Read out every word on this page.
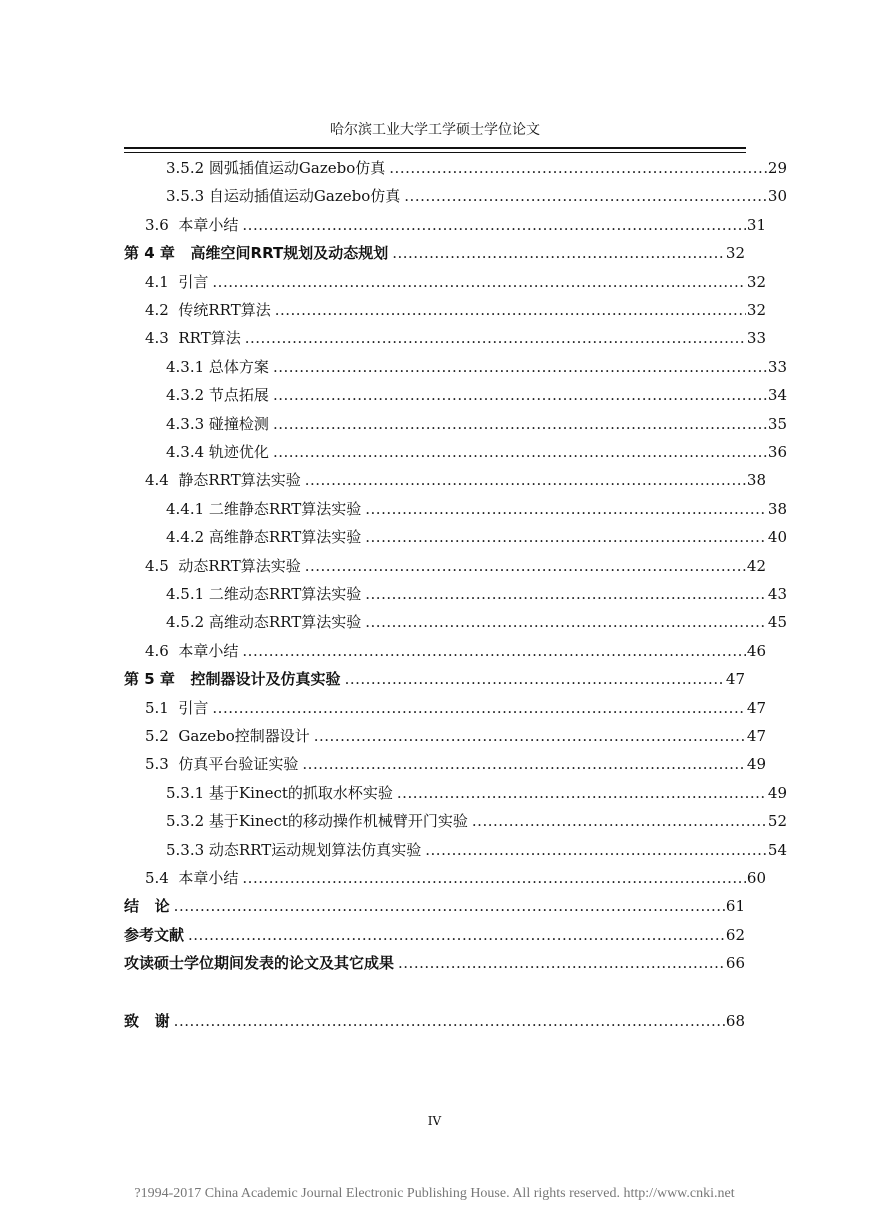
哈尔滨工业大学工学硕士学位论文
3.5.2 圆弧插值运动Gazebo仿真 .....	29
3.5.3 自运动插值运动Gazebo仿真 .....	30
3.6  本章小结 .....	31
第 4 章   高维空间RRT规划及动态规划 .....	32
4.1  引言 .....	32
4.2  传统RRT算法 .....	32
4.3  RRT算法 .....	33
4.3.1 总体方案 .....	33
4.3.2 节点拓展 .....	34
4.3.3 碰撞检测 .....	35
4.3.4 轨迹优化 .....	36
4.4  静态RRT算法实验 .....	38
4.4.1 二维静态RRT算法实验 .....	38
4.4.2 高维静态RRT算法实验 .....	40
4.5  动态RRT算法实验 .....	42
4.5.1 二维动态RRT算法实验 .....	43
4.5.2 高维动态RRT算法实验 .....	45
4.6  本章小结 .....	46
第 5 章   控制器设计及仿真实验 .....	47
5.1  引言 .....	47
5.2  Gazebo控制器设计 .....	47
5.3  仿真平台验证实验 .....	49
5.3.1 基于Kinect的抓取水杯实验 .....	49
5.3.2 基于Kinect的移动操作机械臂开门实验 .....	52
5.3.3 动态RRT运动规划算法仿真实验 .....	54
5.4  本章小结 .....	60
结   论 .....	61
参考文献 .....	62
攻读硕士学位期间发表的论文及其它成果 .....	66
致   谢 .....	68
IV
?1994-2017 China Academic Journal Electronic Publishing House. All rights reserved. http://www.cnki.net
